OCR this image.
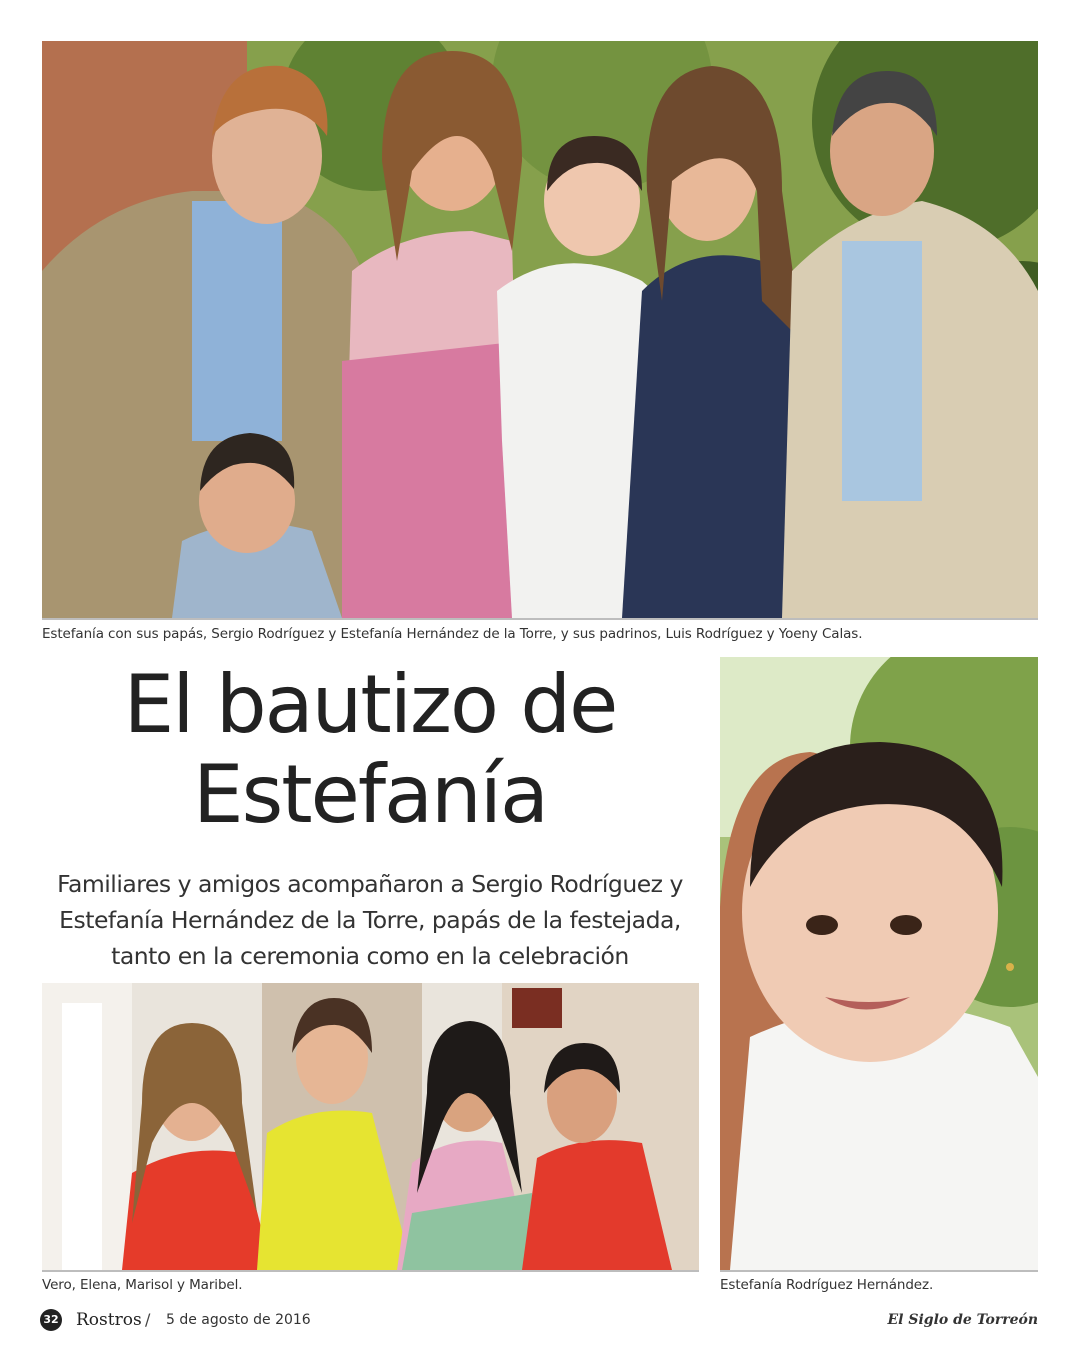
Estefanía con sus papás, Sergio Rodríguez y Estefanía Hernández de la Torre, y sus padrinos, Luis Rodríguez y Yoeny Calas.
El bautizo de
Estefanía

Familiares y amigos acompañaron a Sergio Rodríguez y Estefanía Hernández de la Torre, papás de la festejada, tanto en la ceremonia como en la celebración

Vero, Elena, Marisol y Maribel.	Estefanía Rodríguez Hernández.
32 Rostros / 5 de agosto de 2016	El Siglo de Torreón
